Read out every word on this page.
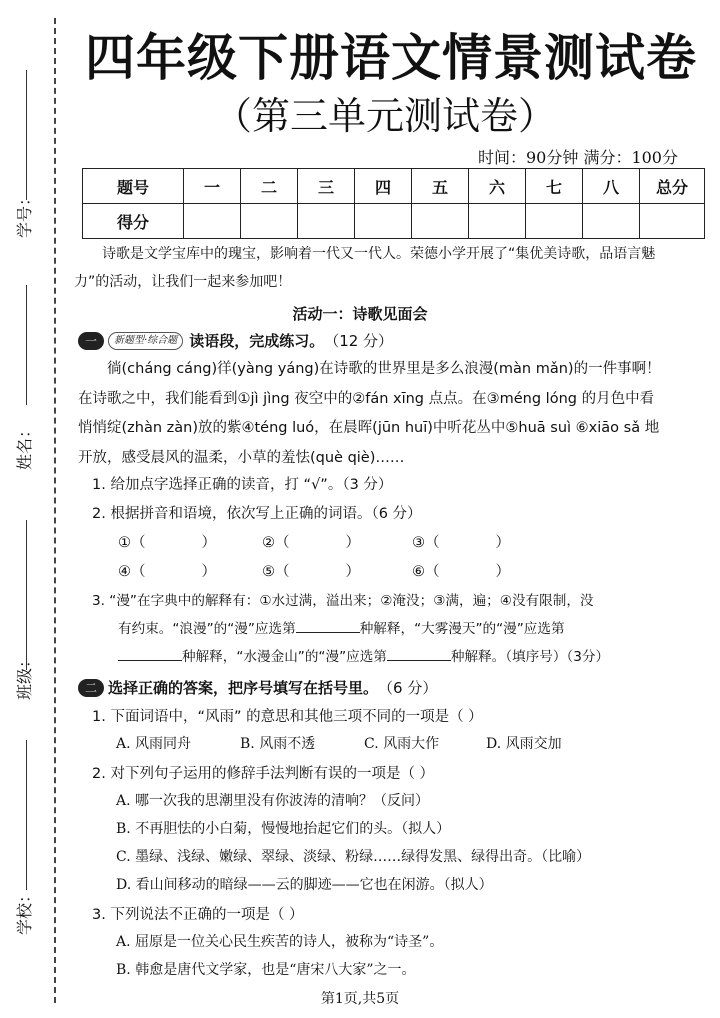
学号：
姓名：
班级：
学校：
四年级下册语文情景测试卷
（第三单元测试卷）
时间：90分钟 满分：100分
题号	一	二	三	四	五	六	七	八	总分
得分									
诗歌是文学宝库中的瑰宝，影响着一代又一代人。荣德小学开展了“集优美诗歌，品语言魅力”的活动，让我们一起来参加吧！
活动一：诗歌见面会
一	新题型·综合题 读语段，完成练习。 （12 分）
徜(cháng cáng)徉(yàng yáng)在诗歌的世界里是多么浪漫(màn mǎn)的一件事啊！在诗歌之中，我们能看到①jì jìng 夜空中的②fán xīng 点点。在③méng lóng 的月色中看悄悄绽(zhàn zàn)放的紫④téng luó，在晨晖(jūn huī)中听花丛中⑤huā suì ⑥xiāo sǎ 地开放，感受晨风的温柔，小草的羞怯(què qiè)……
1. 给加点字选择正确的读音，打 “√”。（3 分）
2. 根据拼音和语境，依次写上正确的词语。（6 分）
①（	）	②（	）	③（	）
④（	）	⑤（	）	⑥（	）
3. “漫”在字典中的解释有：①水过满，溢出来；②淹没；③满，遍；④没有限制，没
有约束。“浪漫”的“漫”应选第	种解释，“大雾漫天”的“漫”应选第
种解释，“水漫金山”的“漫”应选第	种解释。（填序号）（3分）
二 选择正确的答案，把序号填写在括号里。 （6 分）
1. 下面词语中，“风雨” 的意思和其他三项不同的一项是（ ）
A. 风雨同舟	B. 风雨不透	C. 风雨大作	D. 风雨交加
2. 对下列句子运用的修辞手法判断有误的一项是（ ）
A. 哪一次我的思潮里没有你波涛的清响？（反问）
B. 不再胆怯的小白菊，慢慢地抬起它们的头。（拟人）
C. 墨绿、浅绿、嫩绿、翠绿、淡绿、粉绿……绿得发黑、绿得出奇。（比喻）
D. 看山间移动的暗绿——云的脚迹——它也在闲游。（拟人）
3. 下列说法不正确的一项是（ ）
A. 屈原是一位关心民生疾苦的诗人，被称为“诗圣”。
B. 韩愈是唐代文学家，也是“唐宋八大家”之一。
第1页,共5页
